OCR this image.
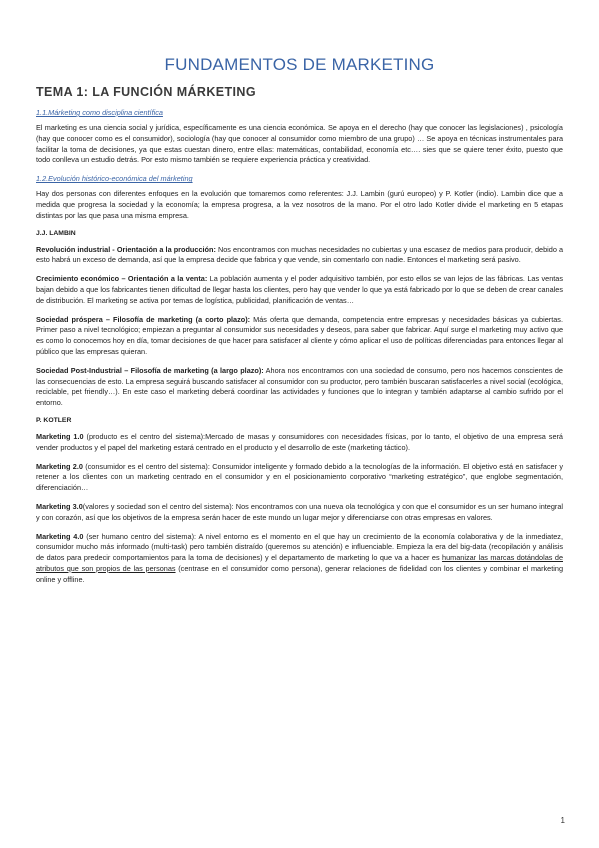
FUNDAMENTOS DE MARKETING
TEMA 1: LA FUNCIÓN MÁRKETING
1.1.Márketing como disciplina científica

El marketing es una ciencia social y jurídica, específicamente es una ciencia económica. Se apoya en el derecho (hay que conocer las legislaciones) , psicología (hay que conocer como es el consumidor), sociología (hay que conocer al consumidor como miembro de una grupo) … Se apoya en técnicas instrumentales para facilitar la toma de decisiones, ya que estas cuestan dinero, entre ellas: matemáticas, contabilidad, economía etc…. sies que se quiere tener éxito, puesto que todo conlleva un estudio detrás. Por esto mismo también se requiere experiencia práctica y creatividad.

1.2.Evolución histórico-económica del márketing

Hay dos personas con diferentes enfoques en la evolución que tomaremos como referentes: J.J. Lambin (gurú europeo) y P. Kotler (indio). Lambin dice que a medida que progresa la sociedad y la economía; la empresa progresa, a la vez nosotros de la mano. Por el otro lado Kotler divide el marketing en 5 etapas distintas por las que pasa una misma empresa.

J.J. LAMBIN

Revolución industrial - Orientación a la producción: Nos encontramos con muchas necesidades no cubiertas y una escasez de medios para producir, debido a esto habrá un exceso de demanda, así que la empresa decide que fabrica y que vende, sin comentarlo con nadie. Entonces el marketing será pasivo.

Crecimiento económico – Orientación a la venta: La población aumenta y el poder adquisitivo también, por esto ellos se van lejos de las fábricas. Las ventas bajan debido a que los fabricantes tienen dificultad de llegar hasta los clientes, pero hay que vender lo que ya está fabricado por lo que se deben de crear canales de distribución. El marketing se activa por temas de logística, publicidad, planificación de ventas…

Sociedad próspera – Filosofía de marketing (a corto plazo): Más oferta que demanda, competencia entre empresas y necesidades básicas ya cubiertas. Primer paso a nivel tecnológico; empiezan a preguntar al consumidor sus necesidades y deseos, para saber que fabricar. Aquí surge el marketing muy activo que es como lo conocemos hoy en día, tomar decisiones de que hacer para satisfacer al cliente y cómo aplicar el uso de políticas diferenciadas para entonces llegar al público que las empresas quieran.

Sociedad Post-Industrial – Filosofía de marketing (a largo plazo): Ahora nos encontramos con una sociedad de consumo, pero nos hacemos conscientes de las consecuencias de esto. La empresa seguirá buscando satisfacer al consumidor con su productor, pero también buscaran satisfacerles a nivel social (ecológica, reciclable, pet friendly…). En este caso el marketing deberá coordinar las actividades y funciones que lo integran y también adaptarse al cambio sufrido por el entorno.

P. KOTLER

Marketing 1.0 (producto es el centro del sistema):Mercado de masas y consumidores con necesidades físicas, por lo tanto, el objetivo de una empresa será vender productos y el papel del marketing estará centrado en el producto y el desarrollo de este (marketing táctico).

Marketing 2.0 (consumidor es el centro del sistema): Consumidor inteligente y formado debido a la tecnologías de la información. El objetivo está en satisfacer y retener a los clientes con un marketing centrado en el consumidor y en el posicionamiento corporativo “marketing estratégico”, que englobe segmentación, diferenciación…

Marketing 3.0(valores y sociedad son el centro del sistema): Nos encontramos con una nueva ola tecnológica y con que el consumidor es un ser humano integral y con corazón, así que los objetivos de la empresa serán hacer de este mundo un lugar mejor y diferenciarse con otras empresas en valores.

Marketing 4.0 (ser humano centro del sistema): A nivel entorno es el momento en el que hay un crecimiento de la economía colaborativa y de la inmediatez, consumidor mucho más informado (multi-task) pero también distraído (queremos su atención) e influenciable. Empieza la era del big-data (recopilación y análisis de datos para predecir comportamientos para la toma de decisiones) y el departamento de marketing lo que va a hacer es humanizar las marcas dotándolas de atributos que son propios de las personas (centrase en el consumidor como persona), generar relaciones de fidelidad con los clientes y combinar el marketing online y offline.

1
